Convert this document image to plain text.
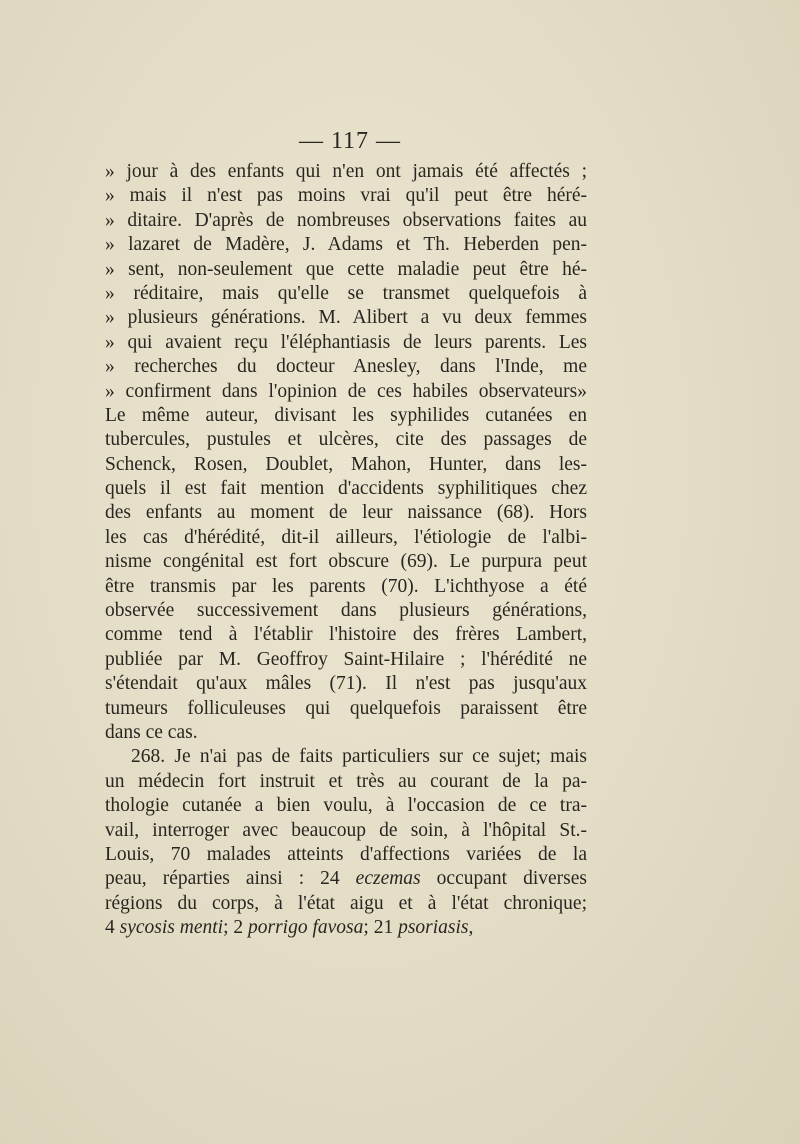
— 117 —
» jour à des enfants qui n'en ont jamais été affectés ;
» mais il n'est pas moins vrai qu'il peut être héré-
» ditaire. D'après de nombreuses observations faites au
» lazaret de Madère, J. Adams et Th. Heberden pen-
» sent, non-seulement que cette maladie peut être hé-
» réditaire, mais qu'elle se transmet quelquefois à
» plusieurs générations. M. Alibert a vu deux femmes
» qui avaient reçu l'éléphantiasis de leurs parents. Les
» recherches du docteur Anesley, dans l'Inde, me
» confirment dans l'opinion de ces habiles observateurs»
Le même auteur, divisant les syphilides cutanées en
tubercules, pustules et ulcères, cite des passages de
Schenck, Rosen, Doublet, Mahon, Hunter, dans les-
quels il est fait mention d'accidents syphilitiques chez
des enfants au moment de leur naissance (68). Hors
les cas d'hérédité, dit-il ailleurs, l'étiologie de l'albi-
nisme congénital est fort obscure (69). Le purpura peut
être transmis par les parents (70). L'ichthyose a été
observée successivement dans plusieurs générations,
comme tend à l'établir l'histoire des frères Lambert,
publiée par M. Geoffroy Saint-Hilaire ; l'hérédité ne
s'étendait qu'aux mâles (71). Il n'est pas jusqu'aux
tumeurs folliculeuses qui quelquefois paraissent être
dans ce cas.
268. Je n'ai pas de faits particuliers sur ce sujet; mais
un médecin fort instruit et très au courant de la pa-
thologie cutanée a bien voulu, à l'occasion de ce tra-
vail, interroger avec beaucoup de soin, à l'hôpital St.-
Louis, 70 malades atteints d'affections variées de la
peau, réparties ainsi : 24 eczemas occupant diverses
régions du corps, à l'état aigu et à l'état chronique;
4 sycosis menti; 2 porrigo favosa; 21 psoriasis,
